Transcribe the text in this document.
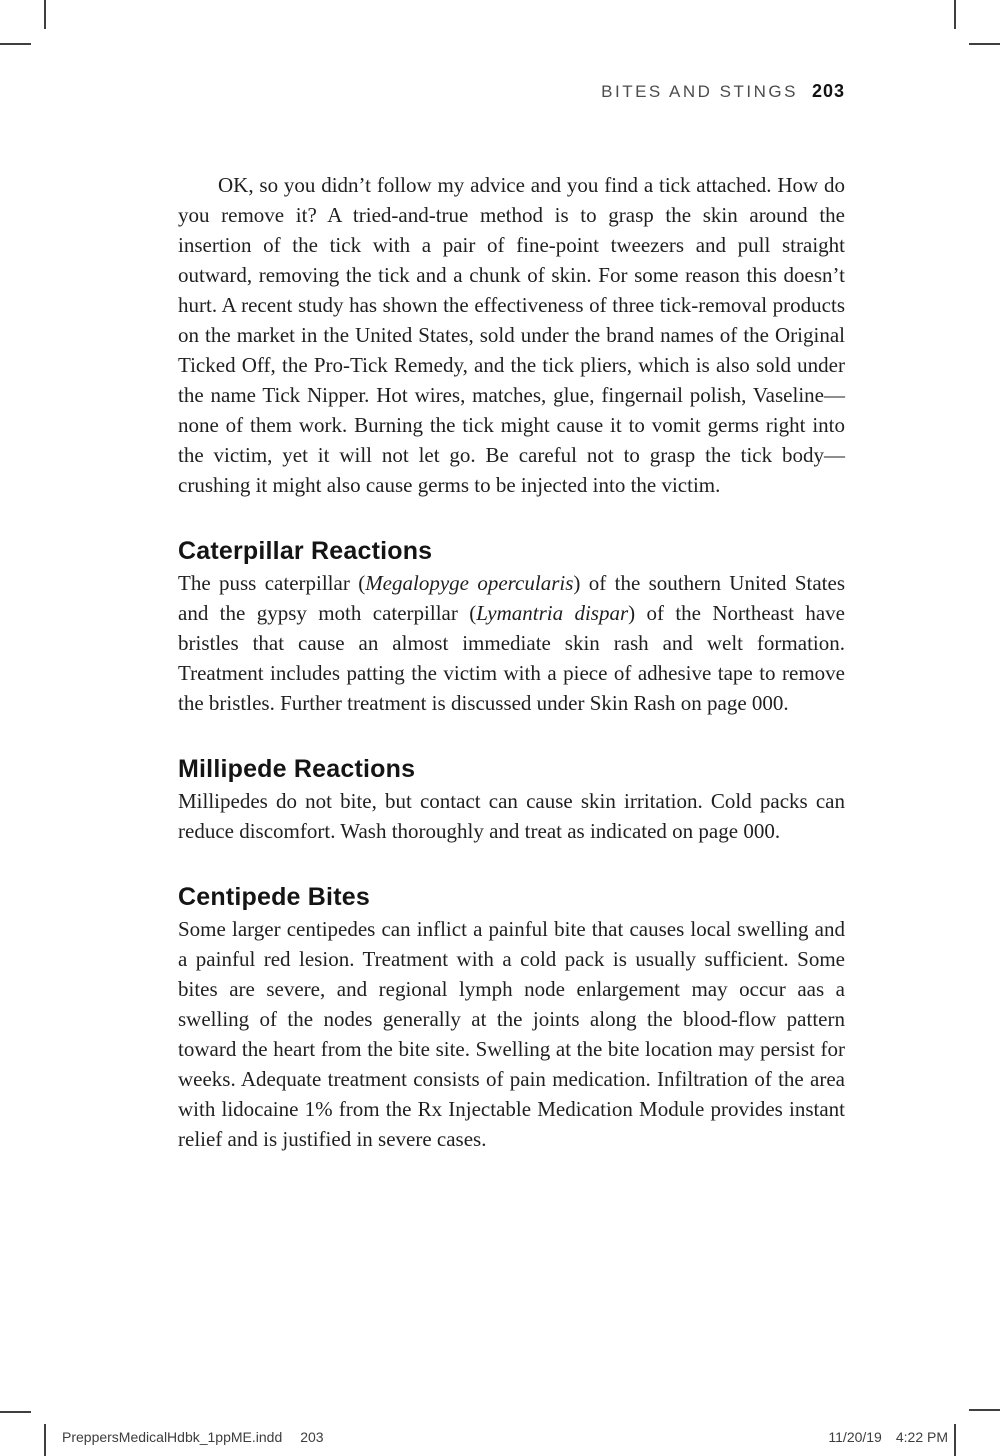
BITES AND STINGS 203

OK, so you didn’t follow my advice and you find a tick attached. How do you remove it? A tried-and-true method is to grasp the skin around the insertion of the tick with a pair of fine-point tweezers and pull straight outward, removing the tick and a chunk of skin. For some reason this doesn’t hurt. A recent study has shown the effectiveness of three tick-removal products on the market in the United States, sold under the brand names of the Original Ticked Off, the Pro-Tick Remedy, and the tick pliers, which is also sold under the name Tick Nipper. Hot wires, matches, glue, fingernail polish, Vaseline—none of them work. Burning the tick might cause it to vomit germs right into the victim, yet it will not let go. Be careful not to grasp the tick body—crushing it might also cause germs to be injected into the victim.

Caterpillar Reactions

The puss caterpillar (Megalopyge opercularis) of the southern United States and the gypsy moth caterpillar (Lymantria dispar) of the Northeast have bristles that cause an almost immediate skin rash and welt formation. Treatment includes patting the victim with a piece of adhesive tape to remove the bristles. Further treatment is discussed under Skin Rash on page 000.

Millipede Reactions

Millipedes do not bite, but contact can cause skin irritation. Cold packs can reduce discomfort. Wash thoroughly and treat as indicated on page 000.

Centipede Bites

Some larger centipedes can inflict a painful bite that causes local swelling and a painful red lesion. Treatment with a cold pack is usually sufficient. Some bites are severe, and regional lymph node enlargement may occur aas a swelling of the nodes generally at the joints along the blood-flow pattern toward the heart from the bite site. Swelling at the bite location may persist for weeks. Adequate treatment consists of pain medication. Infiltration of the area with lidocaine 1% from the Rx Injectable Medication Module provides instant relief and is justified in severe cases.

PreppersMedicalHdbk_1ppME.indd 203	11/20/19 4:22 PM
